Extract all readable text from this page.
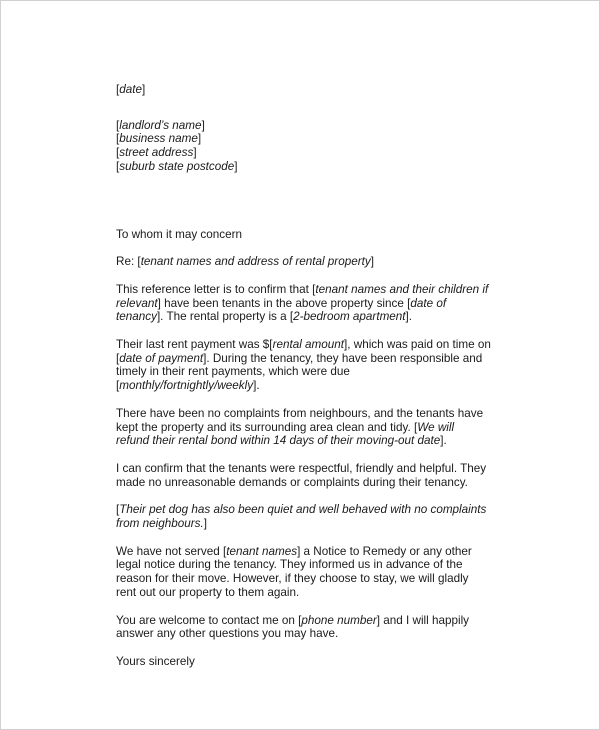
[date]

[landlord’s name]
[business name]
[street address]
[suburb state postcode]

To whom it may concern

Re: [tenant names and address of rental property]

This reference letter is to confirm that [tenant names and their children if
relevant] have been tenants in the above property since [date of
tenancy]. The rental property is a [2-bedroom apartment].

Their last rent payment was $[rental amount], which was paid on time on
[date of payment]. During the tenancy, they have been responsible and
timely in their rent payments, which were due
[monthly/fortnightly/weekly].

There have been no complaints from neighbours, and the tenants have
kept the property and its surrounding area clean and tidy. [We will
refund their rental bond within 14 days of their moving-out date].

I can confirm that the tenants were respectful, friendly and helpful. They
made no unreasonable demands or complaints during their tenancy.

[Their pet dog has also been quiet and well behaved with no complaints
from neighbours.]

We have not served [tenant names] a Notice to Remedy or any other
legal notice during the tenancy. They informed us in advance of the
reason for their move. However, if they choose to stay, we will gladly
rent out our property to them again.

You are welcome to contact me on [phone number] and I will happily
answer any other questions you may have.

Yours sincerely
